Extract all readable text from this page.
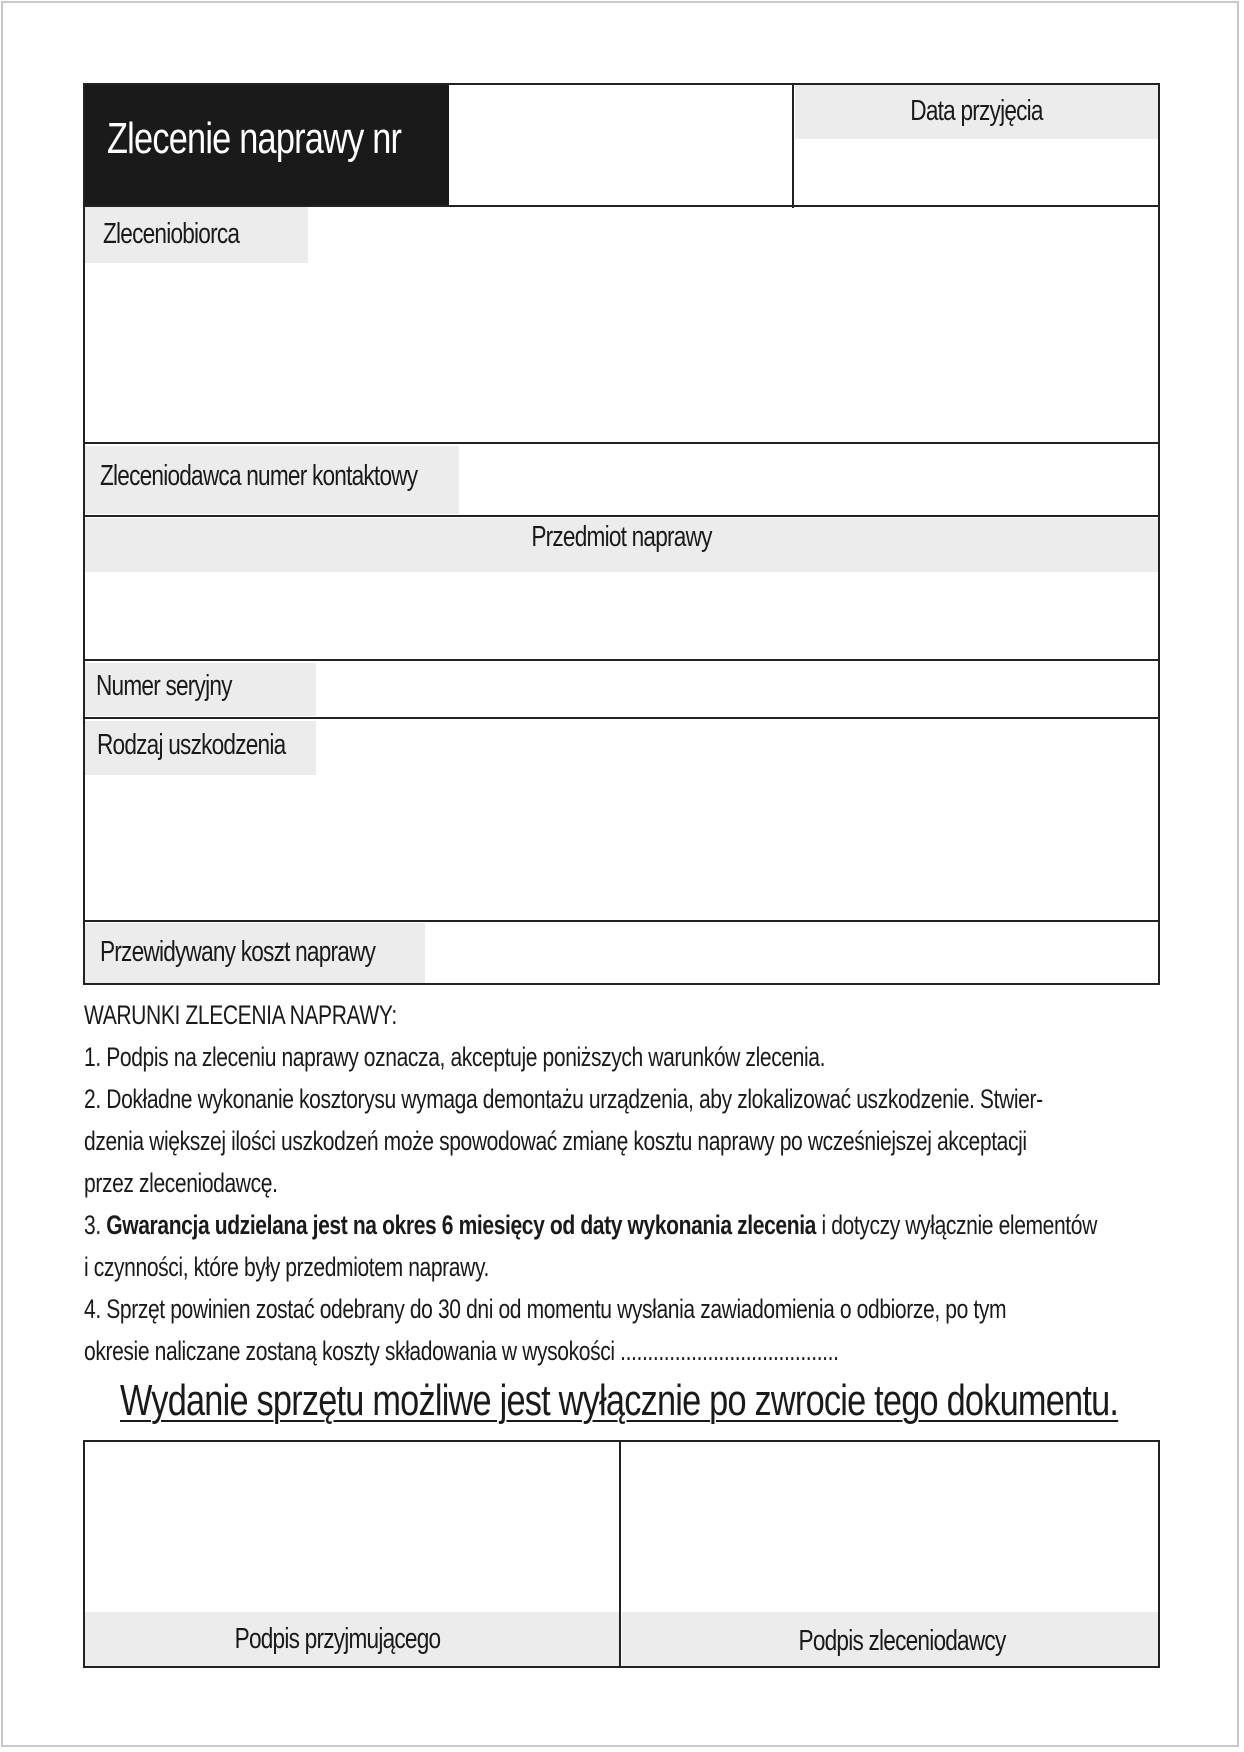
Zlecenie naprawy nr
Data przyjęcia
Zleceniobiorca
Zleceniodawca numer kontaktowy
Przedmiot naprawy
Numer seryjny
Rodzaj uszkodzenia
Przewidywany koszt naprawy

WARUNKI ZLECENIA NAPRAWY:

1. Podpis na zleceniu naprawy oznacza, akceptuje poniższych warunków zlecenia.

2. Dokładne wykonanie kosztorysu wymaga demontażu urządzenia, aby zlokalizować uszkodzenie. Stwier-

dzenia większej ilości uszkodzeń może spowodować zmianę kosztu naprawy po wcześniejszej akceptacji

przez zleceniodawcę.

3. Gwarancja udzielana jest na okres 6 miesięcy od daty wykonania zlecenia i dotyczy wyłącznie elementów

i czynności, które były przedmiotem naprawy.

4. Sprzęt powinien zostać odebrany do 30 dni od momentu wysłania zawiadomienia o odbiorze, po tym

okresie naliczane zostaną koszty składowania w wysokości ........................................

Wydanie sprzętu możliwe jest wyłącznie po zwrocie tego dokumentu.
Podpis przyjmującego	Podpis zleceniodawcy
